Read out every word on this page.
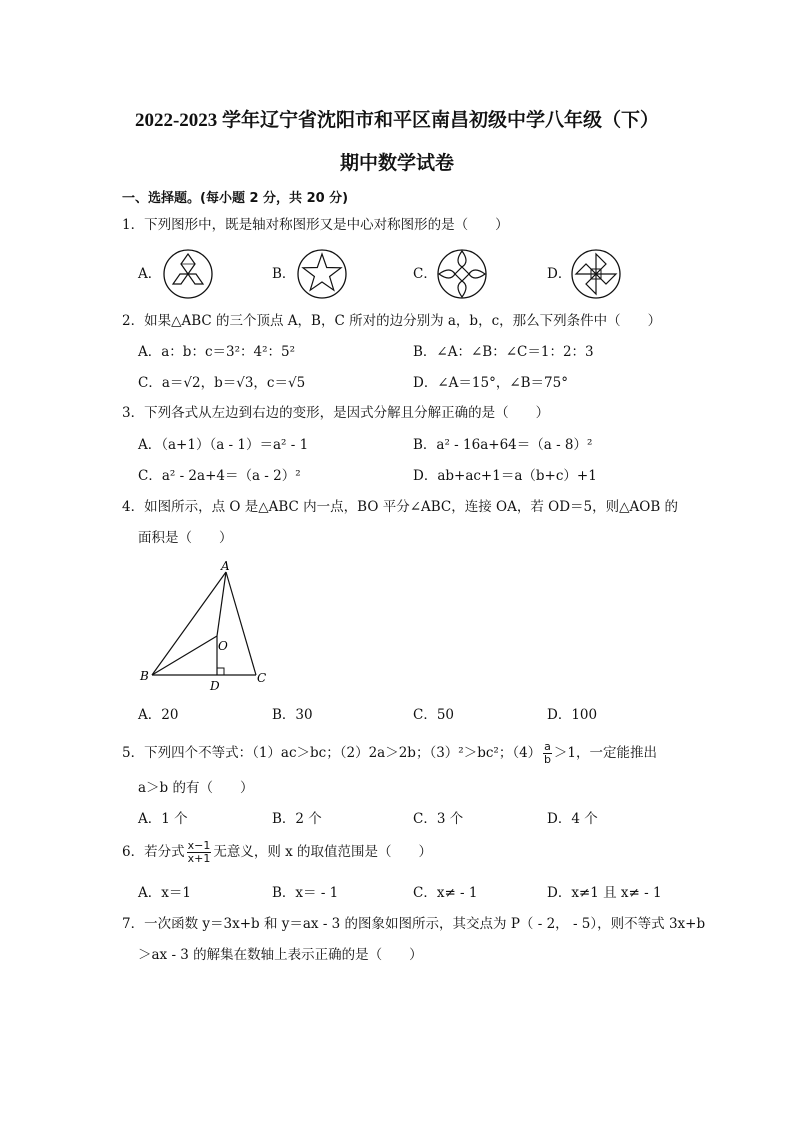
2022-2023 学年辽宁省沈阳市和平区南昌初级中学八年级（下）
期中数学试卷
一、选择题。(每小题 2 分，共 20 分)
1．下列图形中，既是轴对称图形又是中心对称图形的是（　　）
A．	B．	C．	D．
2．如果△ABC 的三个顶点 A，B，C 所对的边分别为 a，b，c，那么下列条件中（　　）
A．a：b：c＝3²：4²：5²	B．∠A：∠B：∠C＝1：2：3
C．a＝√2，b＝√3，c＝√5	D．∠A＝15°，∠B＝75°
3．下列各式从左边到右边的变形，是因式分解且分解正确的是（　　）
A．（a+1）（a - 1）＝a² - 1	B．a² - 16a+64＝（a - 8）²
C．a² - 2a+4＝（a - 2）²	D．ab+ac+1＝a（b+c）+1
4．如图所示，点 O 是△ABC 内一点，BO 平分∠ABC，连接 OA，若 OD＝5，则△AOB 的
面积是（　　）
A
O
B
D
C
A．20	B．30	C．50	D．100
5．下列四个不等式：（1）ac＞bc；（2）2a＞2b；（3）²＞bc²；$(4) \frac{a}{b} >1$，一定能推出
a＞b 的有（　　）
A．1 个	B．2 个	C．3 个	D．4 个
6．若分式 $\frac{x-1}{x+1}$ 无意义，则 x 的取值范围是（　　）
A．x＝1	B．x＝ - 1	C．x≠ - 1	D．x≠1 且 x≠ - 1
7．一次函数 y＝3x+b 和 y＝ax - 3 的图象如图所示，其交点为 P（ - 2， - 5），则不等式 3x+b
＞ax - 3 的解集在数轴上表示正确的是（　　）
